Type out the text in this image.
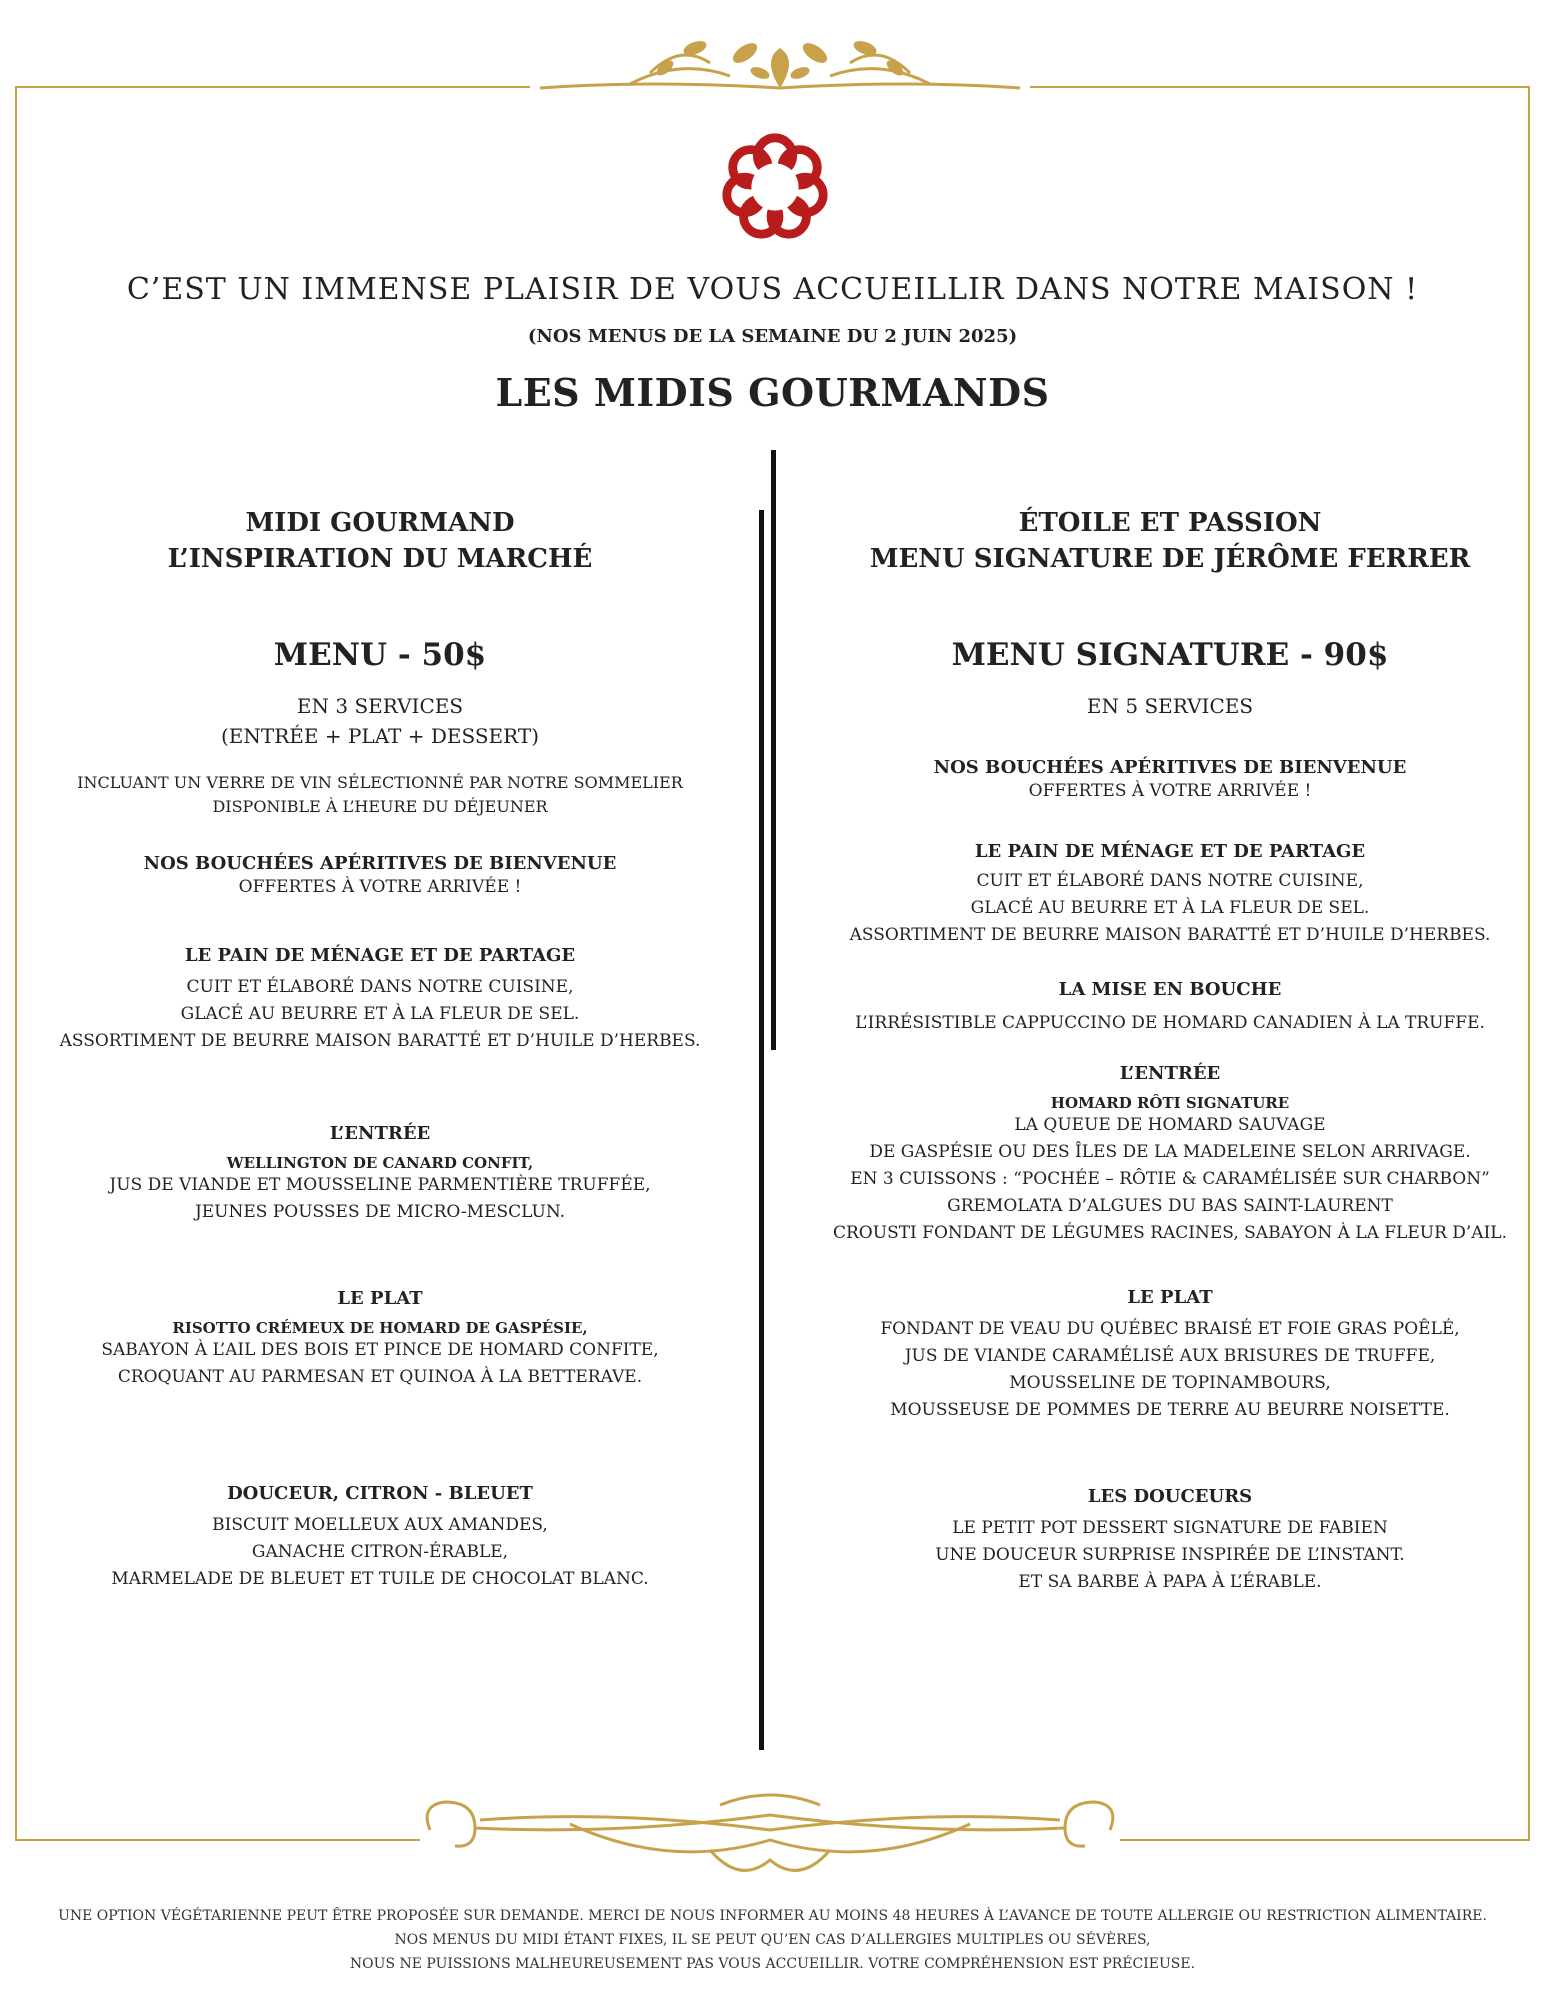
C’EST UN IMMENSE PLAISIR DE VOUS ACCUEILLIR DANS NOTRE MAISON !
(NOS MENUS DE LA SEMAINE DU 2 JUIN 2025)
LES MIDIS GOURMANDS
MIDI GOURMAND
L’INSPIRATION DU MARCHÉ
MENU - 50$
EN 3 SERVICES
(ENTRÉE + PLAT + DESSERT)
INCLUANT UN VERRE DE VIN SÉLECTIONNÉ PAR NOTRE SOMMELIER
DISPONIBLE À L’HEURE DU DÉJEUNER
NOS BOUCHÉES APÉRITIVES DE BIENVENUE
OFFERTES À VOTRE ARRIVÉE !
LE PAIN DE MÉNAGE ET DE PARTAGE
CUIT ET ÉLABORÉ DANS NOTRE CUISINE,
GLACÉ AU BEURRE ET À LA FLEUR DE SEL.
ASSORTIMENT DE BEURRE MAISON BARATTÉ ET D’HUILE D’HERBES.
L’ENTRÉE
WELLINGTON DE CANARD CONFIT,
JUS DE VIANDE ET MOUSSELINE PARMENTIÈRE TRUFFÉE,
JEUNES POUSSES DE MICRO-MESCLUN.
LE PLAT
RISOTTO CRÉMEUX DE HOMARD DE GASPÉSIE,
SABAYON À L’AIL DES BOIS ET PINCE DE HOMARD CONFITE,
CROQUANT AU PARMESAN ET QUINOA À LA BETTERAVE.
DOUCEUR, CITRON - BLEUET
BISCUIT MOELLEUX AUX AMANDES,
GANACHE CITRON-ÉRABLE,
MARMELADE DE BLEUET ET TUILE DE CHOCOLAT BLANC.
ÉTOILE ET PASSION
MENU SIGNATURE DE JÉRÔME FERRER
MENU SIGNATURE - 90$
EN 5 SERVICES
NOS BOUCHÉES APÉRITIVES DE BIENVENUE
OFFERTES À VOTRE ARRIVÉE !
LE PAIN DE MÉNAGE ET DE PARTAGE
CUIT ET ÉLABORÉ DANS NOTRE CUISINE,
GLACÉ AU BEURRE ET À LA FLEUR DE SEL.
ASSORTIMENT DE BEURRE MAISON BARATTÉ ET D’HUILE D’HERBES.
LA MISE EN BOUCHE
L’IRRÉSISTIBLE CAPPUCCINO DE HOMARD CANADIEN À LA TRUFFE.
L’ENTRÉE
HOMARD RÔTI SIGNATURE
LA QUEUE DE HOMARD SAUVAGE
DE GASPÉSIE OU DES ÎLES DE LA MADELEINE SELON ARRIVAGE.
EN 3 CUISSONS : “POCHÉE – RÔTIE & CARAMÉLISÉE SUR CHARBON”
GREMOLATA D’ALGUES DU BAS SAINT-LAURENT
CROUSTI FONDANT DE LÉGUMES RACINES, SABAYON À LA FLEUR D’AIL.
LE PLAT
FONDANT DE VEAU DU QUÉBEC BRAISÉ ET FOIE GRAS POÊLÉ,
JUS DE VIANDE CARAMÉLISÉ AUX BRISURES DE TRUFFE,
MOUSSELINE DE TOPINAMBOURS,
MOUSSEUSE DE POMMES DE TERRE AU BEURRE NOISETTE.
LES DOUCEURS
LE PETIT POT DESSERT SIGNATURE DE FABIEN
UNE DOUCEUR SURPRISE INSPIRÉE DE L’INSTANT.
ET SA BARBE À PAPA À L’ÉRABLE.
UNE OPTION VÉGÉTARIENNE PEUT ÊTRE PROPOSÉE SUR DEMANDE. MERCI DE NOUS INFORMER AU MOINS 48 HEURES À L’AVANCE DE TOUTE ALLERGIE OU RESTRICTION ALIMENTAIRE.
NOS MENUS DU MIDI ÉTANT FIXES, IL SE PEUT QU’EN CAS D’ALLERGIES MULTIPLES OU SÉVÈRES,
NOUS NE PUISSIONS MALHEUREUSEMENT PAS VOUS ACCUEILLIR. VOTRE COMPRÉHENSION EST PRÉCIEUSE.
